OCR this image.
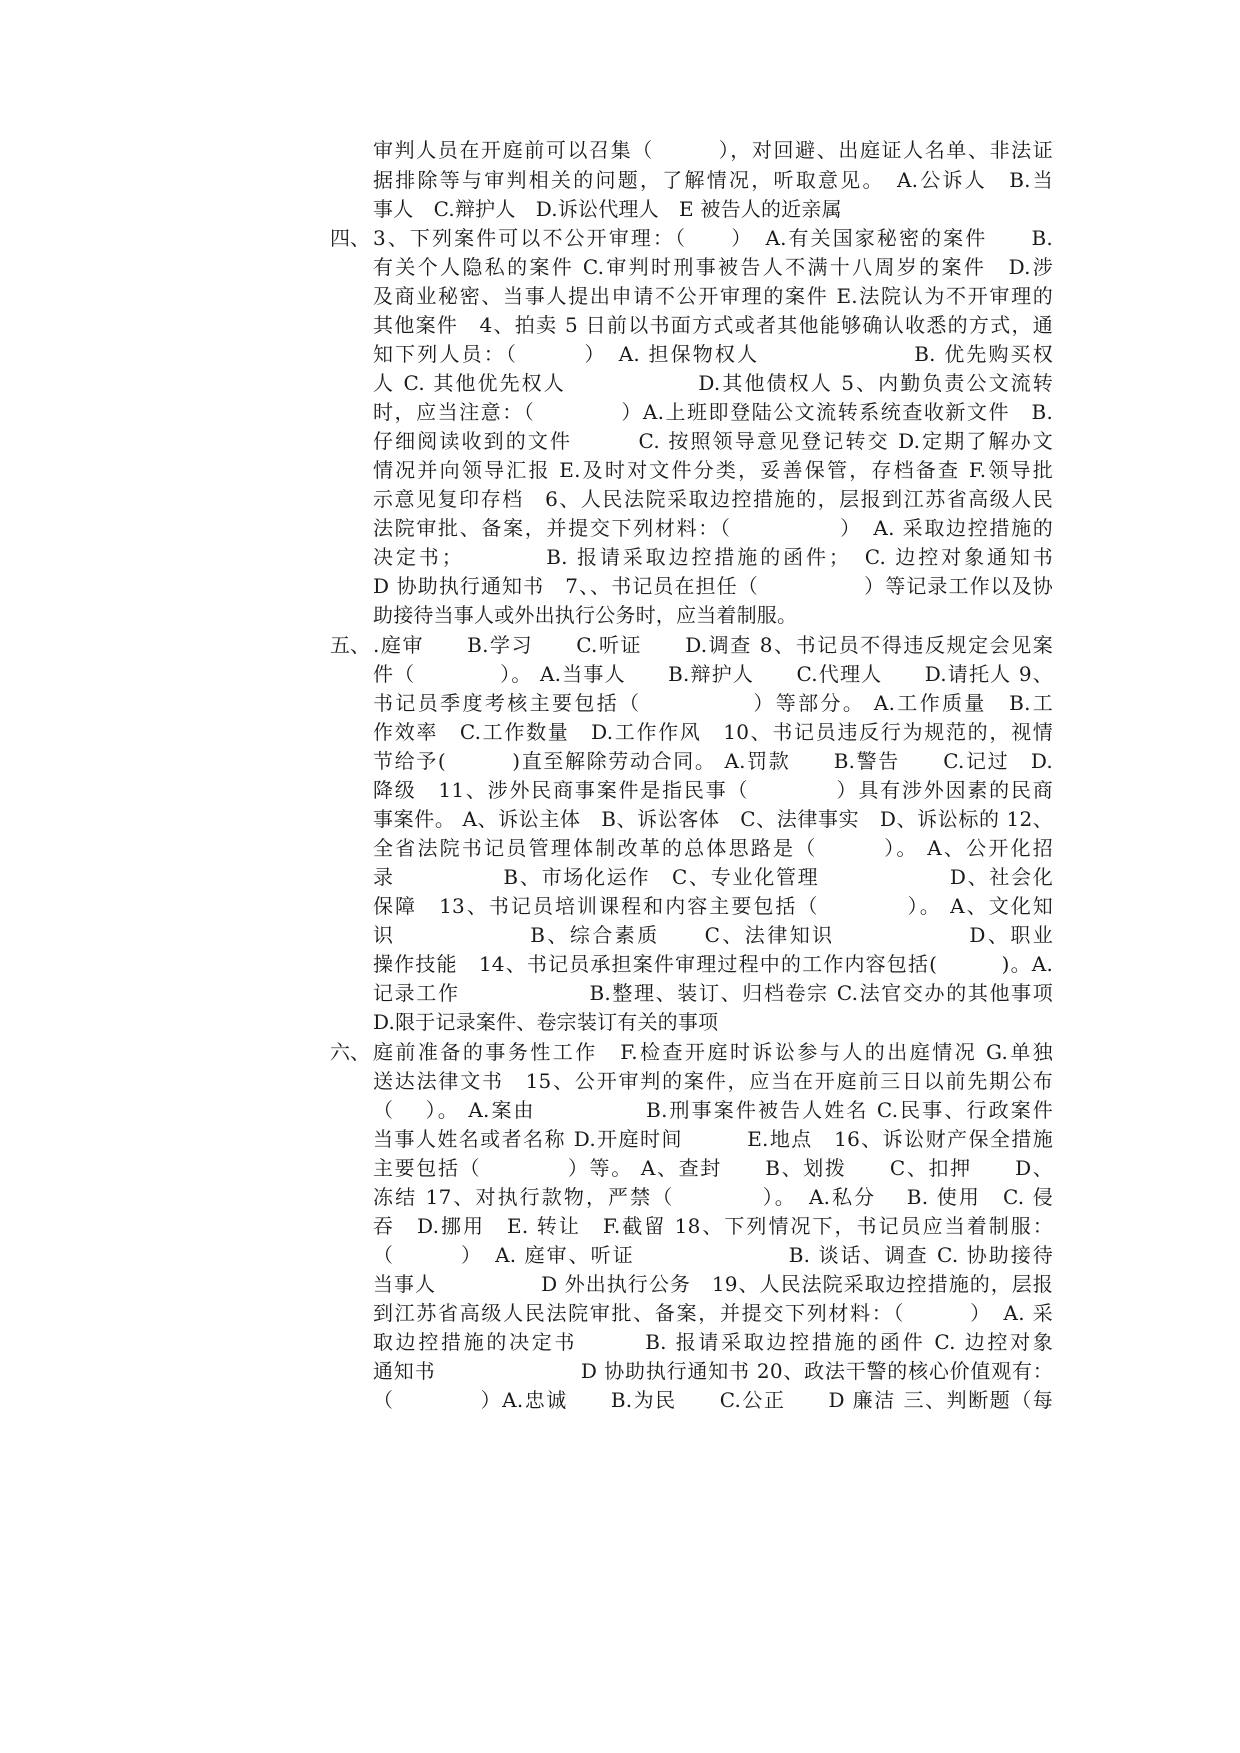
审判人员在开庭前可以召集（　　　），对回避、出庭证人名单、非法证
据排除等与审判相关的问题，了解情况，听取意见。　A.公诉人　B.当
事人　C.辩护人　D.诉讼代理人　E 被告人的近亲属
四、 3、下列案件可以不公开审理：（　　）　A.有关国家秘密的案件　　B.
有关个人隐私的案件 C.审判时刑事被告人不满十八周岁的案件　D.涉
及商业秘密、当事人提出申请不公开审理的案件 E.法院认为不开审理的
其他案件　4、拍卖 5 日前以书面方式或者其他能够确认收悉的方式，通
知下列人员：（　　　）　A. 担保物权人　　　　　　　B. 优先购买权
人 C. 其他优先权人　　　　　　D.其他债权人 5、内勤负责公文流转
时，应当注意：（　　　　）A.上班即登陆公文流转系统查收新文件　B.
仔细阅读收到的文件　　　C. 按照领导意见登记转交 D.定期了解办文
情况并向领导汇报 E.及时对文件分类，妥善保管，存档备查 F.领导批
示意见复印存档　6、人民法院采取边控措施的，层报到江苏省高级人民
法院审批、备案，并提交下列材料：（　　　　　）　A. 采取边控措施的
决定书；　　　　B. 报请采取边控措施的函件；　C. 边控对象通知书
D 协助执行通知书　7、、书记员在担任（　　　　　）等记录工作以及协
助接待当事人或外出执行公务时，应当着制服。
五、 .庭审　　B.学习　　C.听证　　D.调查 8、书记员不得违反规定会见案
件（　　　　）。 A.当事人　　B.辩护人　　C.代理人　　D.请托人 9、
书记员季度考核主要包括（　　　　　）等部分。 A.工作质量　B.工
作效率　C.工作数量　D.工作作风　10、书记员违反行为规范的，视情
节给予(　　　)直至解除劳动合同。 A.罚款　　B.警告　　C.记过　D.
降级　11、涉外民商事案件是指民事（　　　　）具有涉外因素的民商
事案件。 A、诉讼主体　B、诉讼客体　C、法律事实　D、诉讼标的 12、
全省法院书记员管理体制改革的总体思路是（　　　）。 A、公开化招
录　　　　　B、市场化运作　C、专业化管理　　　　　　D、社会化
保障　13、书记员培训课程和内容主要包括（　　　　）。 A、文化知
识　　　　　　B、综合素质　　C、法律知识　　　　　　D、职业
操作技能　14、书记员承担案件审理过程中的工作内容包括(　　　)。A.
记录工作　　　　　　B.整理、装订、归档卷宗 C.法官交办的其他事项
D.限于记录案件、卷宗装订有关的事项
六、 庭前准备的事务性工作　F.检查开庭时诉讼参与人的出庭情况 G.单独
送达法律文书　15、公开审判的案件，应当在开庭前三日以前先期公布
（　 ）。 A.案由　　　　　B.刑事案件被告人姓名 C.民事、行政案件
当事人姓名或者名称 D.开庭时间　　　E.地点　16、诉讼财产保全措施
主要包括（　　　　）等。 A、查封　　B、划拨　　C、扣押　　D、
冻结 17、对执行款物，严禁（　　　　）。　A.私分　 B. 使用　C. 侵
吞　D.挪用　E. 转让　F.截留 18、下列情况下，书记员应当着制服：
（　　　）　A. 庭审、听证　　　　　　　B. 谈话、调查 C. 协助接待
当事人　　　　　D 外出执行公务　19、人民法院采取边控措施的，层报
到江苏省高级人民法院审批、备案，并提交下列材料：（　　　）　A. 采
取边控措施的决定书　　　B. 报请采取边控措施的函件 C. 边控对象
通知书　　　　　　　D 协助执行通知书 20、政法干警的核心价值观有：
（　　　　）A.忠诚　　B.为民　　C.公正　　D 廉洁 三、判断题（每
